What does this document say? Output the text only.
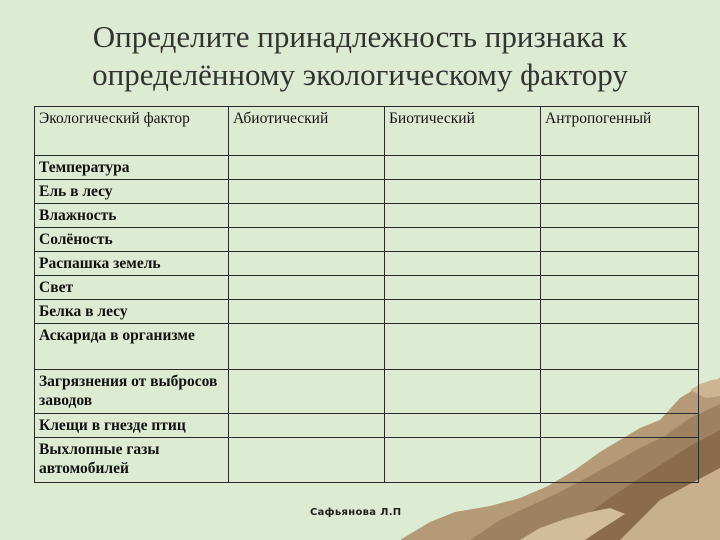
Определите принадлежность признака к
определённому экологическому фактору
Экологический фактор	Абиотический	Биотический	Антропогенный
Температура			
Ель в лесу			
Влажность			
Солёность			
Распашка земель			
Свет			
Белка в лесу			
Аскарида в организме			
Загрязнения от выбросов заводов			
Клещи в гнезде птиц			
Выхлопные газы автомобилей			
Сафьянова Л.П
